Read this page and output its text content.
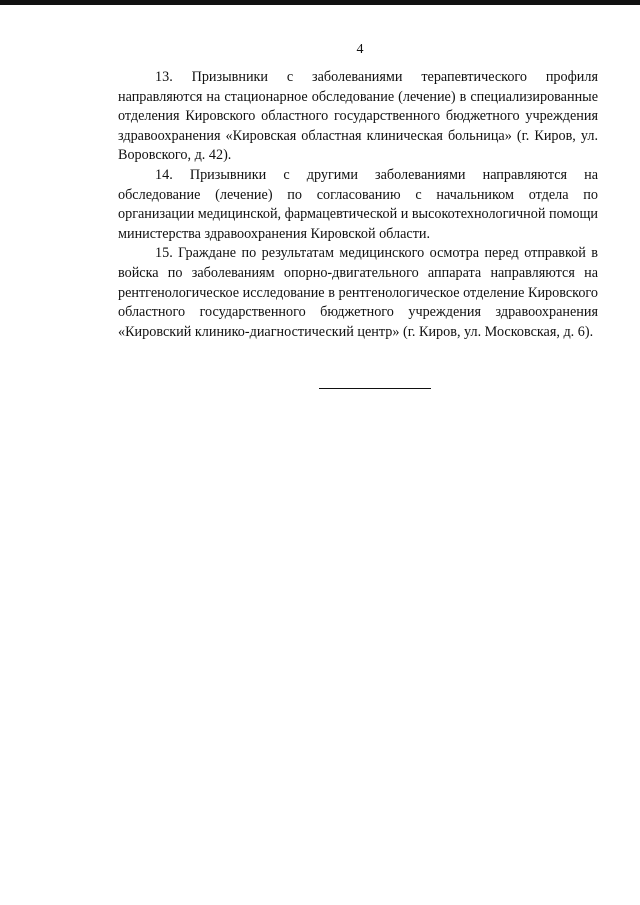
4

13. Призывники с заболеваниями терапевтического профиля направляются на стационарное обследование (лечение) в специализированные отделения Кировского областного государственного бюджетного учреждения здравоохранения «Кировская областная клиническая больница» (г. Киров, ул. Воровского, д. 42).

14. Призывники с другими заболеваниями направляются на обследование (лечение) по согласованию с начальником отдела по организации медицинской, фармацевтической и высокотехнологичной помощи министерства здравоохранения Кировской области.

15. Граждане по результатам медицинского осмотра перед отправкой в войска по заболеваниям опорно-двигательного аппарата направляются на рентгенологическое исследование в рентгенологическое отделение Кировского областного государственного бюджетного учреждения здравоохранения «Кировский клинико-диагностический центр» (г. Киров, ул. Московская, д. 6).
